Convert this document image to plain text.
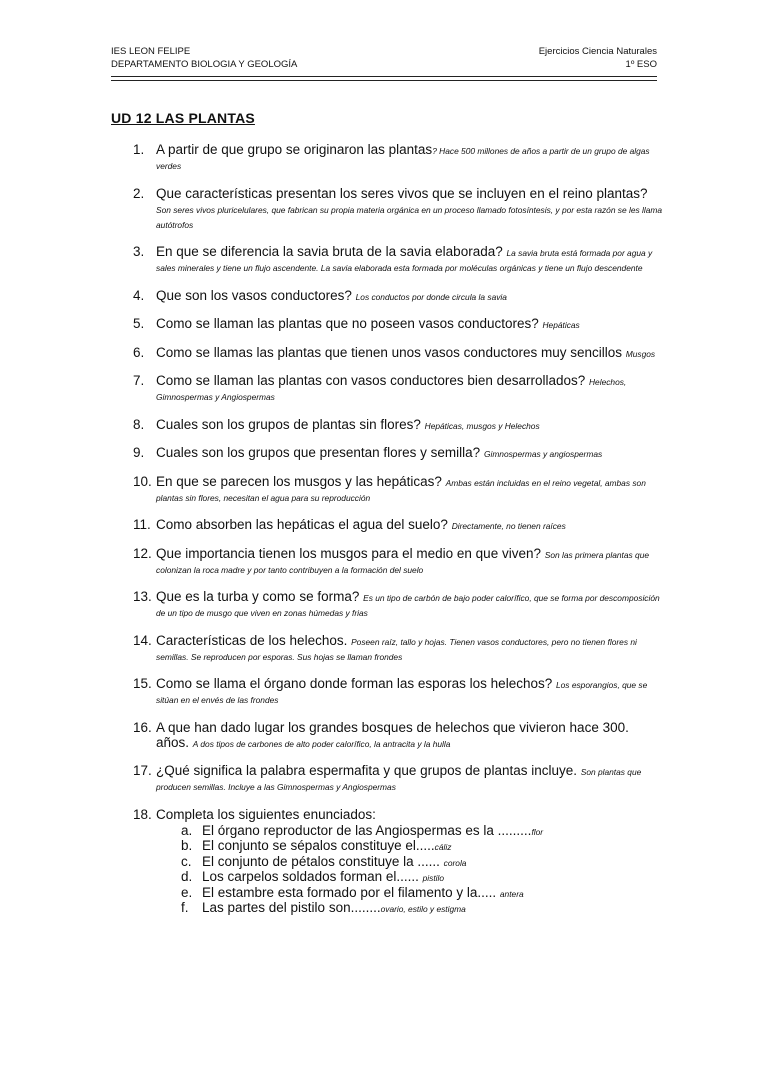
IES LEON FELIPE	Ejercicios Ciencia Naturales
DEPARTAMENTO BIOLOGIA Y GEOLOGÍA	1º ESO
UD 12 LAS PLANTAS
1. A partir de que grupo se originaron las plantas? Hace 500 millones de años a partir de un grupo de algas verdes
2. Que características presentan los seres vivos que se incluyen en el reino plantas? Son seres vivos pluricelulares, que fabrican su propia materia orgánica en un proceso llamado fotosíntesis, y por esta razón se les llama autótrofos
3. En que se diferencia la savia bruta de la savia elaborada? La savia bruta está formada por agua y sales minerales y tiene un flujo ascendente. La savia elaborada esta formada por moléculas orgánicas y tiene un flujo descendente
4. Que son los vasos conductores? Los conductos por donde circula la savia
5. Como se llaman las plantas que no poseen vasos conductores? Hepáticas
6. Como se llamas las plantas que tienen unos vasos conductores muy sencillos Musgos
7. Como se llaman las plantas con vasos conductores bien desarrollados? Helechos, Gimnospermas y Angiospermas
8. Cuales son los grupos de plantas sin flores? Hepáticas, musgos y Helechos
9. Cuales son los grupos que presentan flores y semilla? Gimnospermas y angiospermas
10. En que se parecen los musgos y las hepáticas? Ambas están incluidas en el reino vegetal, ambas son plantas sin flores, necesitan el agua para su reproducción
11. Como absorben las hepáticas el agua del suelo? Directamente, no tienen raíces
12. Que importancia tienen los musgos para el medio en que viven? Son las primera plantas que colonizan la roca madre y por tanto contribuyen a la formación del suelo
13. Que es la turba y como se forma? Es un tipo de carbón de bajo poder calorífico, que se forma por descomposición de un tipo de musgo que viven en zonas húmedas y frias
14. Características de los helechos. Poseen raíz, tallo y hojas. Tienen vasos conductores, pero no tienen flores ni semillas. Se reproducen por esporas. Sus hojas se llaman frondes
15. Como se llama el órgano donde forman las esporas los helechos? Los esporangios, que se sitúan en el envés de las frondes
16. A que han dado lugar los grandes bosques de helechos que vivieron hace 300. años. A dos tipos de carbones de alto poder calorífico, la antracita y la hulla
17. ¿Qué significa la palabra espermafita y que grupos de plantas incluye. Son plantas que producen semillas. Incluye a las Gimnospermas y Angiospermas
18. Completa los siguientes enunciados:
a. El órgano reproductor de las Angiospermas es la .........flor
b. El conjunto se sépalos constituye el.....cáliz
c. El conjunto de pétalos constituye la ...... corola
d. Los carpelos soldados forman el...... pistilo
e. El estambre esta formado por el filamento y la..... antera
f. Las partes del pistilo son........ovario, estilo y estigma
